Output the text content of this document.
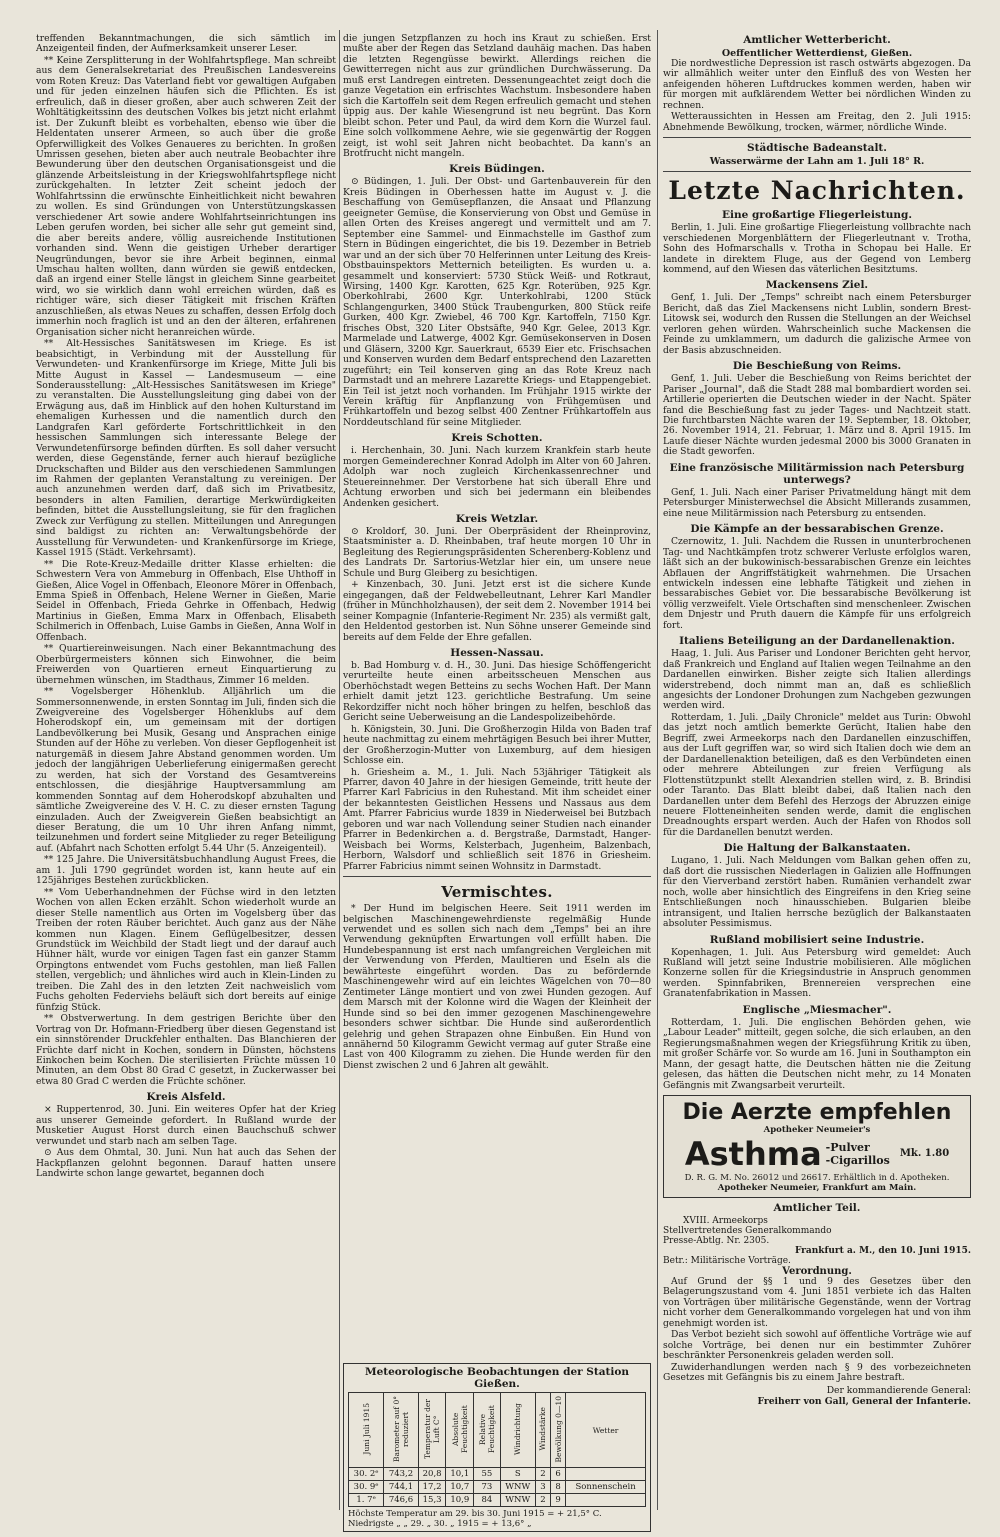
treffenden Bekanntmachungen, die sich sämtlich im Anzeigenteil finden, der Aufmerksamkeit unserer Leser.

** Keine Zersplitterung in der Wohlfahrtspflege. Man schreibt aus dem Generalsekretariat des Preußischen Landesvereins vom Roten Kreuz: Das Vaterland fiebt vor gewaltigen Aufgaben und für jeden einzelnen häufen sich die Pflichten. Es ist erfreulich, daß in dieser großen, aber auch schweren Zeit der Wohltätigkeitssinn des deutschen Volkes bis jetzt nicht erlahmt ist. Der Zukunft bleibt es vorbehalten, ebenso wie über die Heldentaten unserer Armeen, so auch über die große Opferwilligkeit des Volkes Genaueres zu berichten. In großen Umrissen gesehen, bieten aber auch neutrale Beobachter ihre Bewunderung über den deutschen Organisationsgeist und die glänzende Arbeitsleistung in der Kriegswohlfahrtspflege nicht zurückgehalten. In letzter Zeit scheint jedoch der Wohlfahrtssinn die erwünschte Einheitlichkeit nicht bewahren zu wollen. Es sind Gründungen von Unterstützungskassen verschiedener Art sowie andere Wohlfahrtseinrichtungen ins Leben gerufen worden, bei sicher alle sehr gut gemeint sind, die aber bereits andere, völlig ausreichende Institutionen vorhanden sind. Wenn die geistigen Urheber derartiger Neugründungen, bevor sie ihre Arbeit beginnen, einmal Umschau halten wollten, dann würden sie gewiß entdecken, daß an irgend einer Stelle längst in gleichem Sinne gearbeitet wird, wo sie wirklich dann wohl erreichen würden, daß es richtiger wäre, sich dieser Tätigkeit mit frischen Kräften anzuschließen, als etwas Neues zu schaffen, dessen Erfolg doch immerhin noch fraglich ist und an den der älteren, erfahrenen Organisation sicher nicht heranreichen würde.

** Alt-Hessisches Sanitätswesen im Kriege. Es ist beabsichtigt, in Verbindung mit der Ausstellung für Verwundeten- und Krankenfürsorge im Kriege, Mitte Juli bis Mitte August in Kassel — Landesmuseum — eine Sonderausstellung: „Alt-Hessisches Sanitätswesen im Kriege" zu veranstalten. Die Ausstellungsleitung ging dabei von der Erwägung aus, daß im Hinblick auf den hohen Kulturstand im ehemaligen Kurhessen und die namentlich durch den Landgrafen Karl geförderte Fortschrittlichkeit in den hessischen Sammlungen sich interessante Belege der Verwundetenfürsorge befinden dürften. Es soll daher versucht werden, diese Gegenstände, ferner auch hierauf bezügliche Druckschaften und Bilder aus den verschiedenen Sammlungen im Rahmen der geplanten Veranstaltung zu vereinigen. Der auch anzunehmen werden darf, daß sich im Privatbesitz, besonders in alten Familien, derartige Merkwürdigkeiten befinden, bittet die Ausstellungsleitung, sie für den fraglichen Zweck zur Verfügung zu stellen. Mitteilungen und Anregungen sind baldigst zu richten an: Verwaltungsbehörde der Ausstellung für Verwundeten- und Krankenfürsorge im Kriege, Kassel 1915 (Städt. Verkehrsamt).

** Die Rote-Kreuz-Medaille dritter Klasse erhielten: die Schwestern Vera von Ammeburg in Offenbach, Else Uhthoff in Gießen, Alice Vogel in Offenbach, Eleonore Mörer in Offenbach, Emma Spieß in Offenbach, Helene Werner in Gießen, Marie Seidel in Offenbach, Frieda Gehrke in Offenbach, Hedwig Martinius in Gießen, Emma Marx in Offenbach, Elisabeth Schilmerich in Offenbach, Luise Gambs in Gießen, Anna Wolf in Offenbach.

** Quartiereinweisungen. Nach einer Bekanntmachung des Oberbürgermeisters können sich Einwohner, die beim Freiwerden von Quartieren erneut Einquartierung zu übernehmen wünschen, im Stadthaus, Zimmer 16 melden.

** Vogelsberger Höhenklub. Alljährlich um die Sommersonnenwende, in ersten Sonntag im Juli, finden sich die Zweigvereine des Vogelsberger Höhenklubs auf dem Hoherodskopf ein, um gemeinsam mit der dortigen Landbevölkerung bei Musik, Gesang und Ansprachen einige Stunden auf der Höhe zu verleben. Von dieser Gepflogenheit ist naturgemäß in diesem Jahre Abstand genommen worden. Um jedoch der langjährigen Ueberlieferung einigermaßen gerecht zu werden, hat sich der Vorstand des Gesamtvereins entschlossen, die diesjährige Hauptversammlung am kommenden Sonntag auf dem Hoherodskopf abzuhalten und sämtliche Zweigvereine des V. H. C. zu dieser ernsten Tagung einzuladen. Auch der Zweigverein Gießen beabsichtigt an dieser Beratung, die um 10 Uhr ihren Anfang nimmt, teilzunehmen und fordert seine Mitglieder zu reger Beteiligung auf. (Abfahrt nach Schotten erfolgt 5.44 Uhr (5. Anzeigenteil).

** 125 Jahre. Die Universitätsbuchhandlung August Frees, die am 1. Juli 1790 gegründet worden ist, kann heute auf ein 125jähriges Bestehen zurückblicken.

** Vom Ueberhandnehmen der Füchse wird in den letzten Wochen von allen Ecken erzählt. Schon wiederholt wurde an dieser Stelle namentlich aus Orten im Vogelsberg über das Treiben der roten Räuber berichtet. Auch ganz aus der Nähe kommen nun Klagen. Einem Geflügelbesitzer, dessen Grundstück im Weichbild der Stadt liegt und der darauf auch Hühner hält, wurde vor einigen Tagen fast ein ganzer Stamm Orpingtons entwendet vom Fuchs gestohlen, man ließ Fallen stellen, vergeblich; und ähnliches wird auch in Klein-Linden zu treiben. Die Zahl des in den letzten Zeit nachweislich vom Fuchs geholten Federviehs beläuft sich dort bereits auf einige fünfzig Stück.

** Obstverwertung. In dem gestrigen Berichte über den Vortrag von Dr. Hofmann-Friedberg über diesen Gegenstand ist ein sinnstörender Druckfehler enthalten. Das Blanchieren der Früchte darf nicht in Kochen, sondern in Dünsten, höchstens Einkochen beim Kochen. Die sterilisierten Früchte müssen 10 Minuten, an dem Obst 80 Grad C gesetzt, in Zuckerwasser bei etwa 80 Grad C werden die Früchte schöner.

Kreis Alsfeld.

× Ruppertenrod, 30. Juni. Ein weiteres Opfer hat der Krieg aus unserer Gemeinde gefordert. In Rußland wurde der Musketier August Horst durch einen Bauchschuß schwer verwundet und starb nach am selben Tage.

⊙ Aus dem Ohmtal, 30. Juni. Nun hat auch das Sehen der Hackpflanzen gelohnt begonnen. Darauf hatten unsere Landwirte schon lange gewartet, begannen doch

die jungen Setzpflanzen zu hoch ins Kraut zu schießen. Erst mußte aber der Regen das Setzland dauhäig machen. Das haben die letzten Regengüsse bewirkt. Allerdings reichen die Gewitterregen nicht aus zur gründlichen Durchwässerung. Da muß erst Landregen eintreten. Dessenungeachtet zeigt doch die ganze Vegetation ein erfrischtes Wachstum. Insbesondere haben sich die Kartoffeln seit dem Regen erfreulich gemacht und stehen üppig aus. Der kahle Wiesengrund ist neu begrünt. Das Korn bleibt schon. Peter und Paul, da wird dem Korn die Wurzel faul. Eine solch vollkommene Aehre, wie sie gegenwärtig der Roggen zeigt, ist wohl seit Jahren nicht beobachtet. Da kann's an Brotfrucht nicht mangeln.

Kreis Büdingen.

⊙ Büdingen, 1. Juli. Der Obst- und Gartenbauverein für den Kreis Büdingen in Oberhessen hatte im August v. J. die Beschaffung von Gemüsepflanzen, die Ansaat und Pflanzung geeigneter Gemüse, die Konservierung von Obst und Gemüse in allen Orten des Kreises angeregt und vermittelt und am 7. September eine Sammel- und Einmachstelle im Gasthof zum Stern in Büdingen eingerichtet, die bis 19. Dezember in Betrieb war und an der sich über 70 Helferinnen unter Leitung des Kreis-Obstbauinspektors Metternich beteiligten. Es wurden u. a. gesammelt und konserviert: 5730 Stück Weiß- und Rotkraut, Wirsing, 1400 Kgr. Karotten, 625 Kgr. Roterüben, 925 Kgr. Oberkohlrabi, 2600 Kgr. Unterkohlrabi, 1200 Stück Schlangengurken, 3400 Stück Traubengurken, 800 Stück reife Gurken, 400 Kgr. Zwiebel, 46 700 Kgr. Kartoffeln, 7150 Kgr. frisches Obst, 320 Liter Obstsäfte, 940 Kgr. Gelee, 2013 Kgr. Marmelade und Latwerge, 4002 Kgr. Gemüsekonserven in Dosen und Gläsern, 3200 Kgr. Sauerkraut, 6539 Eier etc. Frischsachen und Konserven wurden dem Bedarf entsprechend den Lazaretten zugeführt; ein Teil konserven ging an das Rote Kreuz nach Darmstadt und an mehrere Lazarette Kriegs- und Etappengebiet. Ein Teil ist jetzt noch vorhanden. Im Frühjahr 1915 wirkte der Verein kräftig für Anpflanzung von Frühgemüsen und Frühkartoffeln und bezog selbst 400 Zentner Frühkartoffeln aus Norddeutschland für seine Mitglieder.

Kreis Schotten.

i. Herchenhain, 30. Juni. Nach kurzem Krankfein starb heute morgen Gemeinderechner Konrad Adolph im Alter von 60 Jahren. Adolph war noch zugleich Kirchenkassenrechner und Steuereinnehmer. Der Verstorbene hat sich überall Ehre und Achtung erworben und sich bei jedermann ein bleibendes Andenken gesichert.

Kreis Wetzlar.

⊙ Kroldorf, 30. Juni. Der Oberpräsident der Rheinprovinz, Staatsminister a. D. Rheinbaben, traf heute morgen 10 Uhr in Begleitung des Regierungspräsidenten Scherenberg-Koblenz und des Landrats Dr. Sartorius-Wetzlar hier ein, um unsere neue Schule und Burg Gleiberg zu besichtigen.

+ Kinzenbach, 30. Juni. Jetzt erst ist die sichere Kunde eingegangen, daß der Feldwebelleutnant, Lehrer Karl Mandler (früher in Münchholzhausen), der seit dem 2. November 1914 bei seiner Kompagnie (Infanterie-Regiment Nr. 235) als vermißt galt, den Heldentod gestorben ist. Nun Söhne unserer Gemeinde sind bereits auf dem Felde der Ehre gefallen.

Hessen-Nassau.

b. Bad Homburg v. d. H., 30. Juni. Das hiesige Schöffengericht verurteilte heute einen arbeitsscheuen Menschen aus Oberhöchstadt wegen Betteins zu sechs Wochen Haft. Der Mann erhielt damit jetzt 123. gerichtliche Bestrafung. Um seine Rekordziffer nicht noch höher bringen zu helfen, beschloß das Gericht seine Ueberweisung an die Landespolizeibehörde.

h. Königstein, 30. Juni. Die Großherzogin Hilda von Baden traf heute nachmittag zu einem mehrtägigen Besuch bei ihrer Mutter, der Großherzogin-Mutter von Luxemburg, auf dem hiesigen Schlosse ein.

h. Griesheim a. M., 1. Juli. Nach 53jähriger Tätigkeit als Pfarrer, davon 40 Jahre in der hiesigen Gemeinde, tritt heute der Pfarrer Karl Fabricius in den Ruhestand. Mit ihm scheidet einer der bekanntesten Geistlichen Hessens und Nassaus aus dem Amt. Pfarrer Fabricius wurde 1839 in Niederweisel bei Butzbach geboren und war nach Vollendung seiner Studien nach einander Pfarrer in Bedenkirchen a. d. Bergstraße, Darmstadt, Hanger-Weisbach bei Worms, Kelsterbach, Jugenheim, Balzenbach, Herborn, Walsdorf und schließlich seit 1876 in Griesheim. Pfarrer Fabricius nimmt seinen Wohnsitz in Darmstadt.

Vermischtes.

* Der Hund im belgischen Heere. Seit 1911 werden im belgischen Maschinengewehrdienste regelmäßig Hunde verwendet und es sollen sich nach dem „Temps" bei an ihre Verwendung geknüpften Erwartungen voll erfüllt haben. Die Hundebespannung ist erst nach umfangreichen Vergleichen mit der Verwendung von Pferden, Maultieren und Eseln als die bewährteste eingeführt worden. Das zu befördernde Maschinengewehr wird auf ein leichtes Wägelchen von 70—80 Zentimeter Länge montiert und von zwei Hunden gezogen. Auf dem Marsch mit der Kolonne wird die Wagen der Kleinheit der Hunde sind so bei den immer gezogenen Maschinengewehre besonders schwer sichtbar. Die Hunde sind außerordentlich gelehrig und gehen Strapazen ohne Einbußen. Ein Hund von annähernd 50 Kilogramm Gewicht vermag auf guter Straße eine Last von 400 Kilogramm zu ziehen. Die Hunde werden für den Dienst zwischen 2 und 6 Jahren alt gewählt.

Meteorologische Beobachtungen der Station Gießen.
Juni Juli 1915	Barometer auf 0° reduziert	Temperatur der Luft C°	Absolute Feuchtigkeit	Relative Feuchtigkeit	Windrichtung	Windstärke	Bewölkung 0—10	Wetter
30. 2ᵉ	743,2	20,8	10,1	55	S	2	6	
30. 9ᵉ	744,1	17,2	10,7	73	WNW	3	8	Sonnenschein
1. 7ᵉ	746,6	15,3	10,9	84	WNW	2	9	
Höchste Temperatur am 29. bis 30. Juni 1915 = + 21,5° C.
Niedrigste „ „ 29. „ 30. „ 1915 = + 13,6° „
Amtlicher Wetterbericht.
Oeffentlicher Wetterdienst, Gießen.

Die nordwestliche Depression ist rasch ostwärts abgezogen. Da wir allmählich weiter unter den Einfluß des von Westen her anfeigenden höheren Luftdruckes kommen werden, haben wir für morgen mit aufklärendem Wetter bei nördlichen Winden zu rechnen.

Wetteraussichten in Hessen am Freitag, den 2. Juli 1915: Abnehmende Bewölkung, trocken, wärmer, nördliche Winde.

Städtische Badeanstalt.
Wasserwärme der Lahn am 1. Juli 18° R.
Letzte Nachrichten.
Eine großartige Fliegerleistung.

Berlin, 1. Juli. Eine großartige Fliegerleistung vollbrachte nach verschiedenen Morgenblättern der Fliegerleutnant v. Trotha, Sohn des Hofmarschalls v. Trotha in Schopau bei Halle. Er landete in direktem Fluge, aus der Gegend von Lemberg kommend, auf den Wiesen das väterlichen Besitztums.

Mackensens Ziel.

Genf, 1. Juli. Der „Temps" schreibt nach einem Petersburger Bericht, daß das Ziel Mackensens nicht Lublin, sondern Brest-Litowsk sei, wodurch den Russen die Stellungen an der Weichsel verloren gehen würden. Wahrscheinlich suche Mackensen die Feinde zu umklammern, um dadurch die galizische Armee von der Basis abzuschneiden.

Die Beschießung von Reims.

Genf, 1. Juli. Ueber die Beschießung von Reims berichtet der Pariser „Journal", daß die Stadt 288 mal bombardiert worden sei. Artillerie operierten die Deutschen wieder in der Nacht. Später fand die Beschießung fast zu jeder Tages- und Nachtzeit statt. Die furchtbarsten Nächte waren der 19. September, 18. Oktober, 26. November 1914, 21. Februar, 1. März und 8. April 1915. Im Laufe dieser Nächte wurden jedesmal 2000 bis 3000 Granaten in die Stadt geworfen.

Eine französische Militärmission nach Petersburg unterwegs?

Genf, 1. Juli. Nach einer Pariser Privatmeldung hängt mit dem Petersburger Ministerwechsel die Absicht Millerands zusammen, eine neue Militärmission nach Petersburg zu entsenden.

Die Kämpfe an der bessarabischen Grenze.

Czernowitz, 1. Juli. Nachdem die Russen in ununterbrochenen Tag- und Nachtkämpfen trotz schwerer Verluste erfolglos waren, läßt sich an der bukowinisch-bessarabischen Grenze ein leichtes Abflauen der Angriffstätigkeit wahrnehmen. Die Ursachen entwickeln indessen eine lebhafte Tätigkeit und ziehen in bessarabisches Gebiet vor. Die bessarabische Bevölkerung ist völlig verzweifelt. Viele Ortschaften sind menschenleer. Zwischen dem Dnjestr und Pruth dauern die Kämpfe für uns erfolgreich fort.

Italiens Beteiligung an der Dardanellenaktion.

Haag, 1. Juli. Aus Pariser und Londoner Berichten geht hervor, daß Frankreich und England auf Italien wegen Teilnahme an den Dardanellen einwirken. Bisher zeigte sich Italien allerdings widerstrebend, doch nimmt man an, daß es schließlich angesichts der Londoner Drohungen zum Nachgeben gezwungen werden wird.

Rotterdam, 1. Juli. „Daily Chronicle" meldet aus Turin: Obwohl das jetzt noch amtlich bemerkte Gerücht, Italien habe den Begriff, zwei Armeekorps nach den Dardanellen einzuschiffen, aus der Luft gegriffen war, so wird sich Italien doch wie dem an der Dardanellenaktion beteiligen, daß es den Verbündeten einen oder mehrere Abteilungen zur freien Verfügung als Flottenstützpunkt stellt Alexandrien stellen wird, z. B. Brindisi oder Taranto. Das Blatt bleibt dabei, daß Italien nach den Dardanellen unter dem Befehl des Herzogs der Abruzzen einige neuere Flotteneinheiten senden werde, damit die englischen Dreadnoughts erspart werden. Auch der Hafen von Rhodos soll für die Dardanellen benutzt werden.

Die Haltung der Balkanstaaten.

Lugano, 1. Juli. Nach Meldungen vom Balkan gehen offen zu, daß dort die russischen Niederlagen in Galizien alle Hoffnungen für den Vierverband zerstört haben. Rumänien verhandelt zwar noch, wolle aber hinsichtlich des Eingreifens in den Krieg seine Entschließungen noch hinausschieben. Bulgarien bleibe intransigent, und Italien herrsche bezüglich der Balkanstaaten absoluter Pessimismus.

Rußland mobilisiert seine Industrie.

Kopenhagen, 1. Juli. Aus Petersburg wird gemeldet: Auch Rußland will jetzt seine Industrie mobilisieren. Alle möglichen Konzerne sollen für die Kriegsindustrie in Anspruch genommen werden. Spinnfabriken, Brennereien versprechen eine Granatenfabrikation in Massen.

Englische „Miesmacher".

Rotterdam, 1. Juli. Die englischen Behörden gehen, wie „Labour Leader" mitteilt, gegen solche, die sich erlauben, an den Regierungsmaßnahmen wegen der Kriegsführung Kritik zu üben, mit großer Schärfe vor. So wurde am 16. Juni in Southampton ein Mann, der gesagt hatte, die Deutschen hätten nie die Zeitung gelesen, das hätten die Deutschen nicht mehr, zu 14 Monaten Gefängnis mit Zwangsarbeit verurteilt.

Die Aerzte empfehlen
Apotheker Neumeier's
Asthma -Pulver
-Cigarillos Mk. 1.80
D. R. G. M. No. 26012 und 26617. Erhältlich in d. Apotheken.
Apotheker Neumeier, Frankfurt am Main.
Amtlicher Teil.
XVIII. Armeekorps
Stellvertretendes Generalkommando
Presse-Abtlg. Nr. 2305.
Frankfurt a. M., den 10. Juni 1915.
Betr.: Militärische Vorträge.
Verordnung.

Auf Grund der §§ 1 und 9 des Gesetzes über den Belagerungszustand vom 4. Juni 1851 verbiete ich das Halten von Vorträgen über militärische Gegenstände, wenn der Vortrag nicht vorher dem Generalkommando vorgelegen hat und von ihm genehmigt worden ist.

Das Verbot bezieht sich sowohl auf öffentliche Vorträge wie auf solche Vorträge, bei denen nur ein bestimmter Zuhörer beschränkter Personenkreis geladen werden soll.

Zuwiderhandlungen werden nach § 9 des vorbezeichneten Gesetzes mit Gefängnis bis zu einem Jahre bestraft.

Der kommandierende General:
Freiherr von Gall, General der Infanterie.
